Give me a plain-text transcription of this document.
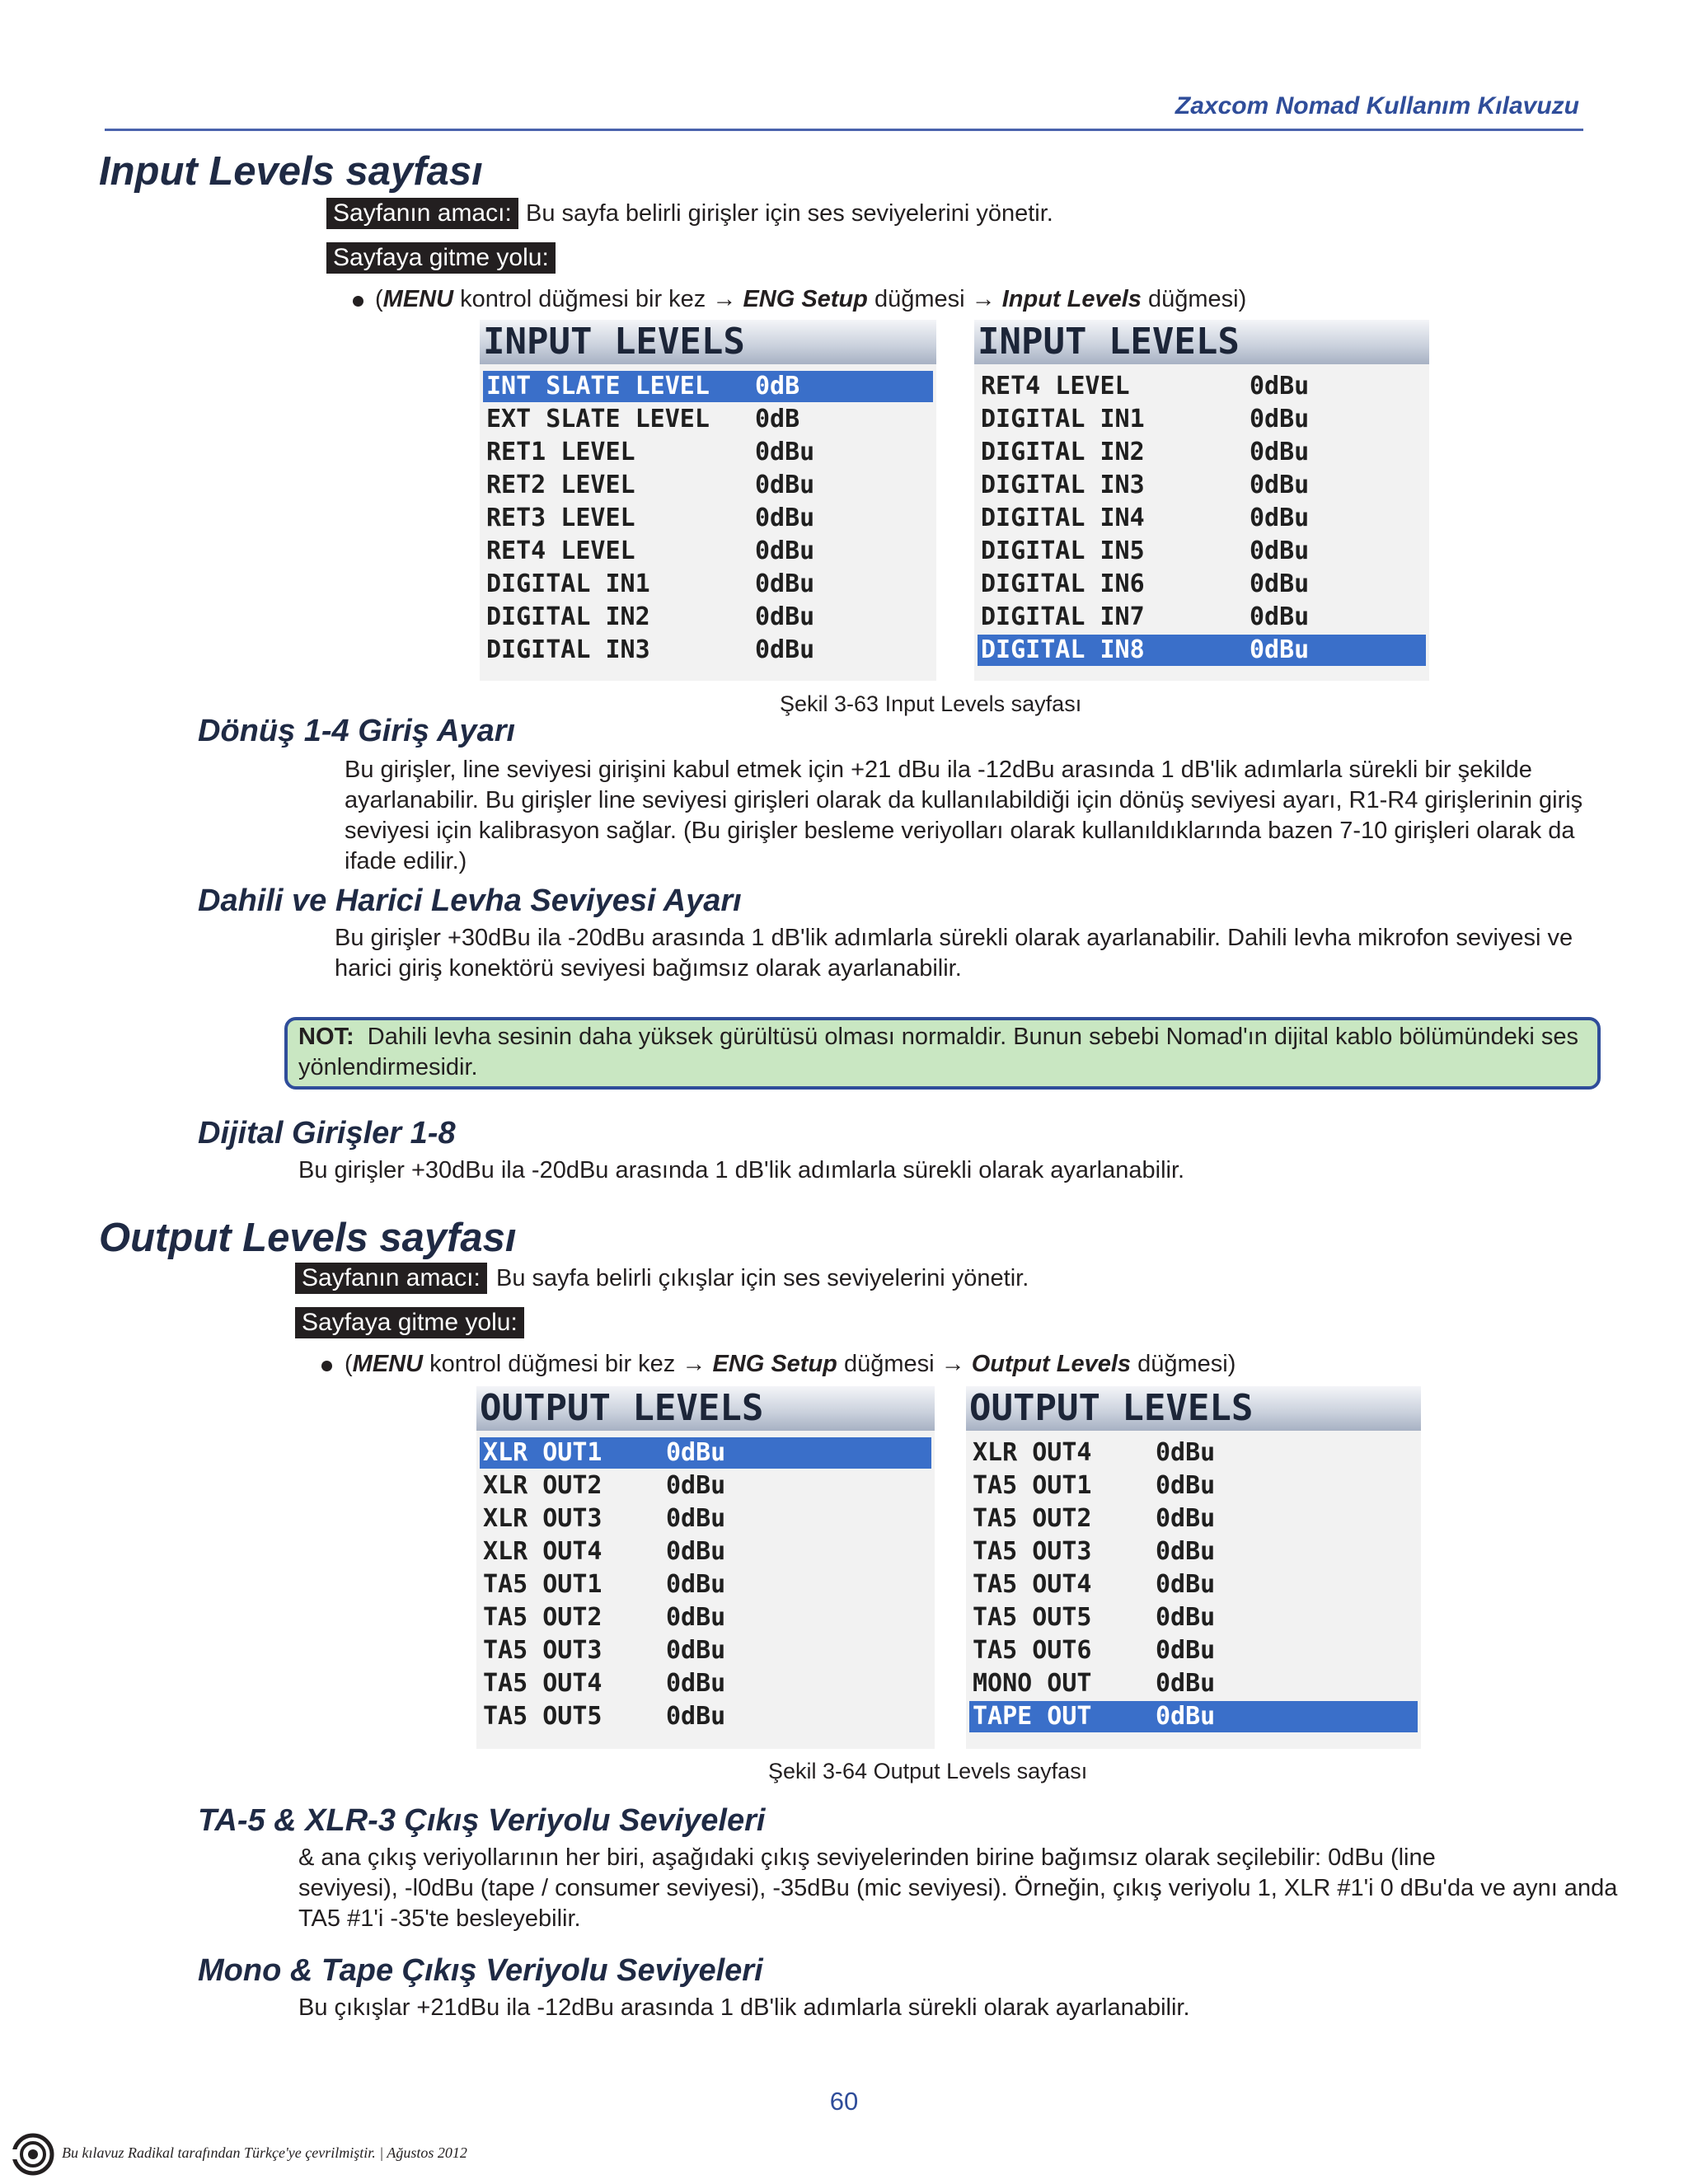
Zaxcom Nomad Kullanım Kılavuzu
Input Levels sayfası
Sayfanın amacı: Bu sayfa belirli girişler için ses seviyelerini yönetir.
Sayfaya gitme yolu:
(MENU kontrol düğmesi bir kez → ENG Setup düğmesi → Input Levels düğmesi)
INPUT LEVELS
INT SLATE LEVEL 0dB
EXT SLATE LEVEL 0dB
RET1 LEVEL	0dBu
RET2 LEVEL	0dBu
RET3 LEVEL	0dBu
RET4 LEVEL	0dBu
DIGITAL IN1	0dBu
DIGITAL IN2	0dBu
DIGITAL IN3	0dBu
INPUT LEVELS
RET4 LEVEL	0dBu
DIGITAL IN1	0dBu
DIGITAL IN2	0dBu
DIGITAL IN3	0dBu
DIGITAL IN4	0dBu
DIGITAL IN5	0dBu
DIGITAL IN6	0dBu
DIGITAL IN7	0dBu
DIGITAL IN8	0dBu
Şekil 3-63 Input Levels sayfası
Dönüş 1-4 Giriş Ayarı
Bu girişler, line seviyesi girişini kabul etmek için +21 dBu ila -12dBu arasında 1 dB'lik adımlarla sürekli bir şekilde
ayarlanabilir. Bu girişler line seviyesi girişleri olarak da kullanılabildiği için dönüş seviyesi ayarı, R1-R4 girişlerinin giriş
seviyesi için kalibrasyon sağlar. (Bu girişler besleme veriyolları olarak kullanıldıklarında bazen 7-10 girişleri olarak da
ifade edilir.)
Dahili ve Harici Levha Seviyesi Ayarı
Bu girişler +30dBu ila -20dBu arasında 1 dB'lik adımlarla sürekli olarak ayarlanabilir. Dahili levha mikrofon seviyesi ve
harici giriş konektörü seviyesi bağımsız olarak ayarlanabilir.
NOT: Dahili levha sesinin daha yüksek gürültüsü olması normaldir. Bunun sebebi Nomad'ın dijital kablo bölümündeki ses
yönlendirmesidir.
Dijital Girişler 1-8
Bu girişler +30dBu ila -20dBu arasında 1 dB'lik adımlarla sürekli olarak ayarlanabilir.
Output Levels sayfası
Sayfanın amacı: Bu sayfa belirli çıkışlar için ses seviyelerini yönetir.
Sayfaya gitme yolu:
(MENU kontrol düğmesi bir kez → ENG Setup düğmesi → Output Levels düğmesi)
OUTPUT LEVELS
XLR OUT1	0dBu
XLR OUT2	0dBu
XLR OUT3	0dBu
XLR OUT4	0dBu
TA5 OUT1	0dBu
TA5 OUT2	0dBu
TA5 OUT3	0dBu
TA5 OUT4	0dBu
TA5 OUT5	0dBu
OUTPUT LEVELS
XLR OUT4	0dBu
TA5 OUT1	0dBu
TA5 OUT2	0dBu
TA5 OUT3	0dBu
TA5 OUT4	0dBu
TA5 OUT5	0dBu
TA5 OUT6	0dBu
MONO OUT	0dBu
TAPE OUT	0dBu
Şekil 3-64 Output Levels sayfası
TA-5 & XLR-3 Çıkış Veriyolu Seviyeleri
& ana çıkış veriyollarının her biri, aşağıdaki çıkış seviyelerinden birine bağımsız olarak seçilebilir: 0dBu (line
seviyesi), -l0dBu (tape / consumer seviyesi), -35dBu (mic seviyesi). Örneğin, çıkış veriyolu 1, XLR #1'i 0 dBu'da ve aynı anda
TA5 #1'i -35'te besleyebilir.
Mono & Tape Çıkış Veriyolu Seviyeleri
Bu çıkışlar +21dBu ila -12dBu arasında 1 dB'lik adımlarla sürekli olarak ayarlanabilir.
60
Bu kılavuz Radikal tarafından Türkçe'ye çevrilmiştir. | Ağustos 2012
